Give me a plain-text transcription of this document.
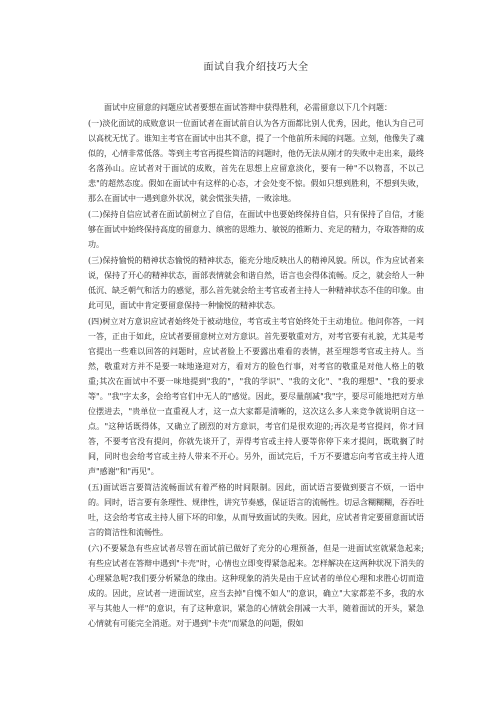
面试自我介绍技巧大全

面试中应留意的问题应试者要想在面试答辩中获得胜利，必需留意以下几个问题：

(一)淡化面试的成败意识一位面试者在面试前自认为各方面都比别人优秀，因此，他认为自己可以高枕无忧了。谁知主考官在面试中出其不意，提了一个他前所未闻的问题。立刻，他像失了魂似的，心情非常低落。等到主考官再提些简洁的问题时，他仍无法从刚才的失败中走出来，最终名落孙山。应试者对于面试的成败，首先在思想上应留意淡化，要有一种"不以物喜，不以己悲"的超然态度。假如在面试中有这样的心态，才会处变不惊。假如只想到胜利，不想到失败，那么在面试中一遇到意外状况，就会慌张失措，一败涂地。

(二)保持自信应试者在面试前树立了自信，在面试中也要始终保持自信，只有保持了自信，才能够在面试中始终保持高度的留意力、缜密的思维力、敏锐的推断力、充足的精力，夺取答辩的成功。

(三)保持愉悦的精神状态愉悦的精神状态，能充分地反映出人的精神风貌。所以，作为应试者来说，保持了开心的精神状态，面部表情就会和谐自然，语言也会得体流畅。反之，就会给人一种低沉、缺乏朝气和活力的感觉，那么首先就会给主考官或者主持人一种精神状态不佳的印象。由此可见，面试中肯定要留意保持一种愉悦的精神状态。

(四)树立对方意识应试者始终处于被动地位，考官或主考官始终处于主动地位。他问你答，一问一答，正由于如此，应试者要留意树立对方意识。首先要敬重对方，对考官要有礼貌，尤其是考官提出一些难以回答的问题时，应试者脸上不要露出难看的表情，甚至埋怨考官或主持人。当然，敬重对方并不是要一味地逢迎对方，看对方的脸色行事，对考官的敬重是对他人格上的敬重;其次在面试中不要一味地提到"我的"，"我的学识"、"我的文化"、"我的理想"、"我的要求等"。"我"字太多，会给考官们中无人的"感觉。因此，要尽量削减"我"字，要尽可能地把对方单位摆进去，"贵单位一直重视人才，这一点大家都是清晰的，这次这么多人来竞争就说明自这一点。"这种话既得体，又确立了剧烈的对方意识，考官们是很欢迎的;再次是考官提问，你才回答，不要考官没有提问，你就先谈开了，弄得考官或主持人要等你停下来才提问，既耽搁了时间，同时也会给考官或主持人带来不开心。另外，面试完后，千万不要遗忘向考官或主持人道声"感谢"和"再见"。

(五)面试语言要简洁流畅面试有着严格的时间限制。因此，面试语言要做到要言不烦，一语中的。同时，语言要有条理性、规律性，讲究节奏感，保证语言的流畅性。切忌含糊糊糊，吞吞吐吐，这会给考官或主持人留下坏的印象，从而导致面试的失败。因此，应试者肯定要留意面试语言的简洁性和流畅性。

(六)不要紧急有些应试者尽管在面试前已做好了充分的心理预备，但是一进面试室就紧急起来;有些应试者在答辩中遇到"卡壳"时，心情也立即变得紧急起来。怎样解决在这两种状况下消失的心理紧急呢?我们要分析紧急的缘由。这种现象的消失是由于应试者的单位心理和求胜心切而造成的。因此，应试者一进面试室，应当去掉"自愧不如人"的意识，确立"大家都差不多，我的水平与其他人一样"的意识，有了这种意识，紧急的心情就会削减一大半，随着面试的开头，紧急心情就有可能完全消逝。对于遇到"卡壳"而紧急的问题，假如
